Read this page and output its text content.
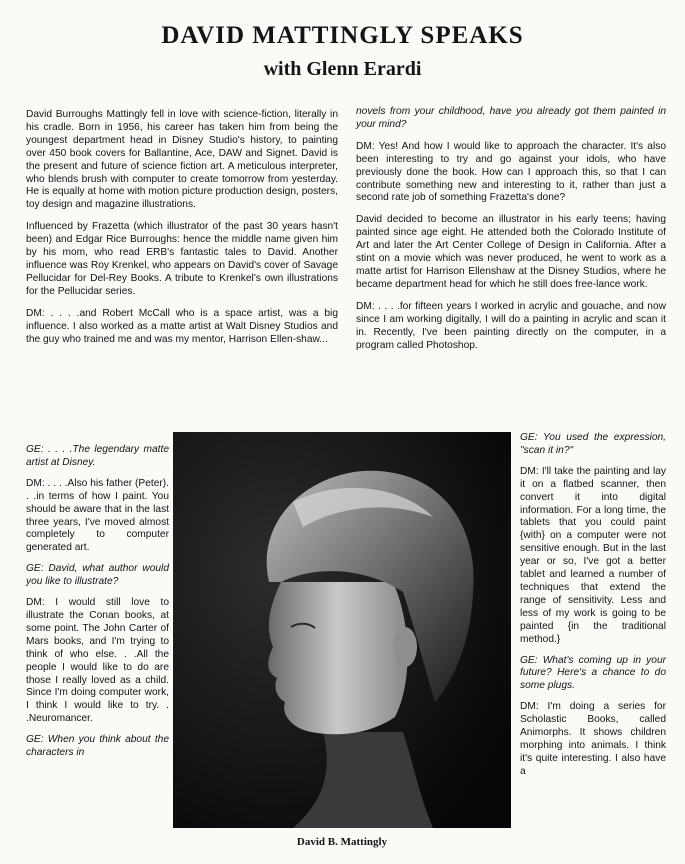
DAVID MATTINGLY SPEAKS
with Glenn Erardi

David Burroughs Mattingly fell in love with science-fiction, literally in his cradle. Born in 1956, his career has taken him from being the youngest department head in Disney Studio's history, to painting over 450 book covers for Ballantine, Ace, DAW and Signet. David is the present and future of science fiction art. A meticulous interpreter, who blends brush with computer to create tomorrow from yesterday. He is equally at home with motion picture production design, posters, toy design and magazine illustrations.

Influenced by Frazetta (which illustrator of the past 30 years hasn't been) and Edgar Rice Burroughs: hence the middle name given him by his mom, who read ERB's fantastic tales to David. Another influence was Roy Krenkel, who appears on David's cover of Savage Pellucidar for Del-Rey Books. A tribute to Krenkel's own illustrations for the Pellucidar series.

DM: . . . .and Robert McCall who is a space artist, was a big influence. I also worked as a matte artist at Walt Disney Studios and the guy who trained me and was my mentor, Harrison Ellen-shaw...

GE: . . . .The legendary matte artist at Disney.

DM: . . . .Also his father (Peter). . .in terms of how I paint. You should be aware that in the last three years, I've moved almost completely to computer generated art.

GE: David, what author would you like to illustrate?

DM: I would still love to illustrate the Conan books, at some point. The John Carter of Mars books, and I'm trying to think of who else. . .All the people I would like to do are those I really loved as a child. Since I'm doing computer work, I think I would like to try. . .Neuromancer.

GE: When you think about the characters in

novels from your childhood, have you already got them painted in your mind?

DM: Yes! And how I would like to approach the character. It's also been interesting to try and go against your idols, who have previously done the book. How can I approach this, so that I can contribute something new and interesting to it, rather than just a second rate job of something Frazetta's done?

David decided to become an illustrator in his early teens; having painted since age eight. He attended both the Colorado Institute of Art and later the Art Center College of Design in California. After a stint on a movie which was never produced, he went to work as a matte artist for Harrison Ellenshaw at the Disney Studios, where he became department head for which he still does free-lance work.

DM: . . . .for fifteen years I worked in acrylic and gouache, and now since I am working digitally, I will do a painting in acrylic and scan it in. Recently, I've been painting directly on the computer, in a program called Photoshop.

GE: You used the expression, "scan it in?"

DM: I'll take the painting and lay it on a flatbed scanner, then convert it into digital information. For a long time, the tablets that you could paint {with} on a computer were not sensitive enough. But in the last year or so, I've got a better tablet and learned a number of techniques that extend the range of sensitivity. Less and less of my work is going to be painted {in the traditional method.}

GE: What's coming up in your future? Here's a chance to do some plugs.

DM: I'm doing a series for Scholastic Books, called Animorphs. It shows children morphing into animals. I think it's quite interesting. I also have a

David B. Mattingly
